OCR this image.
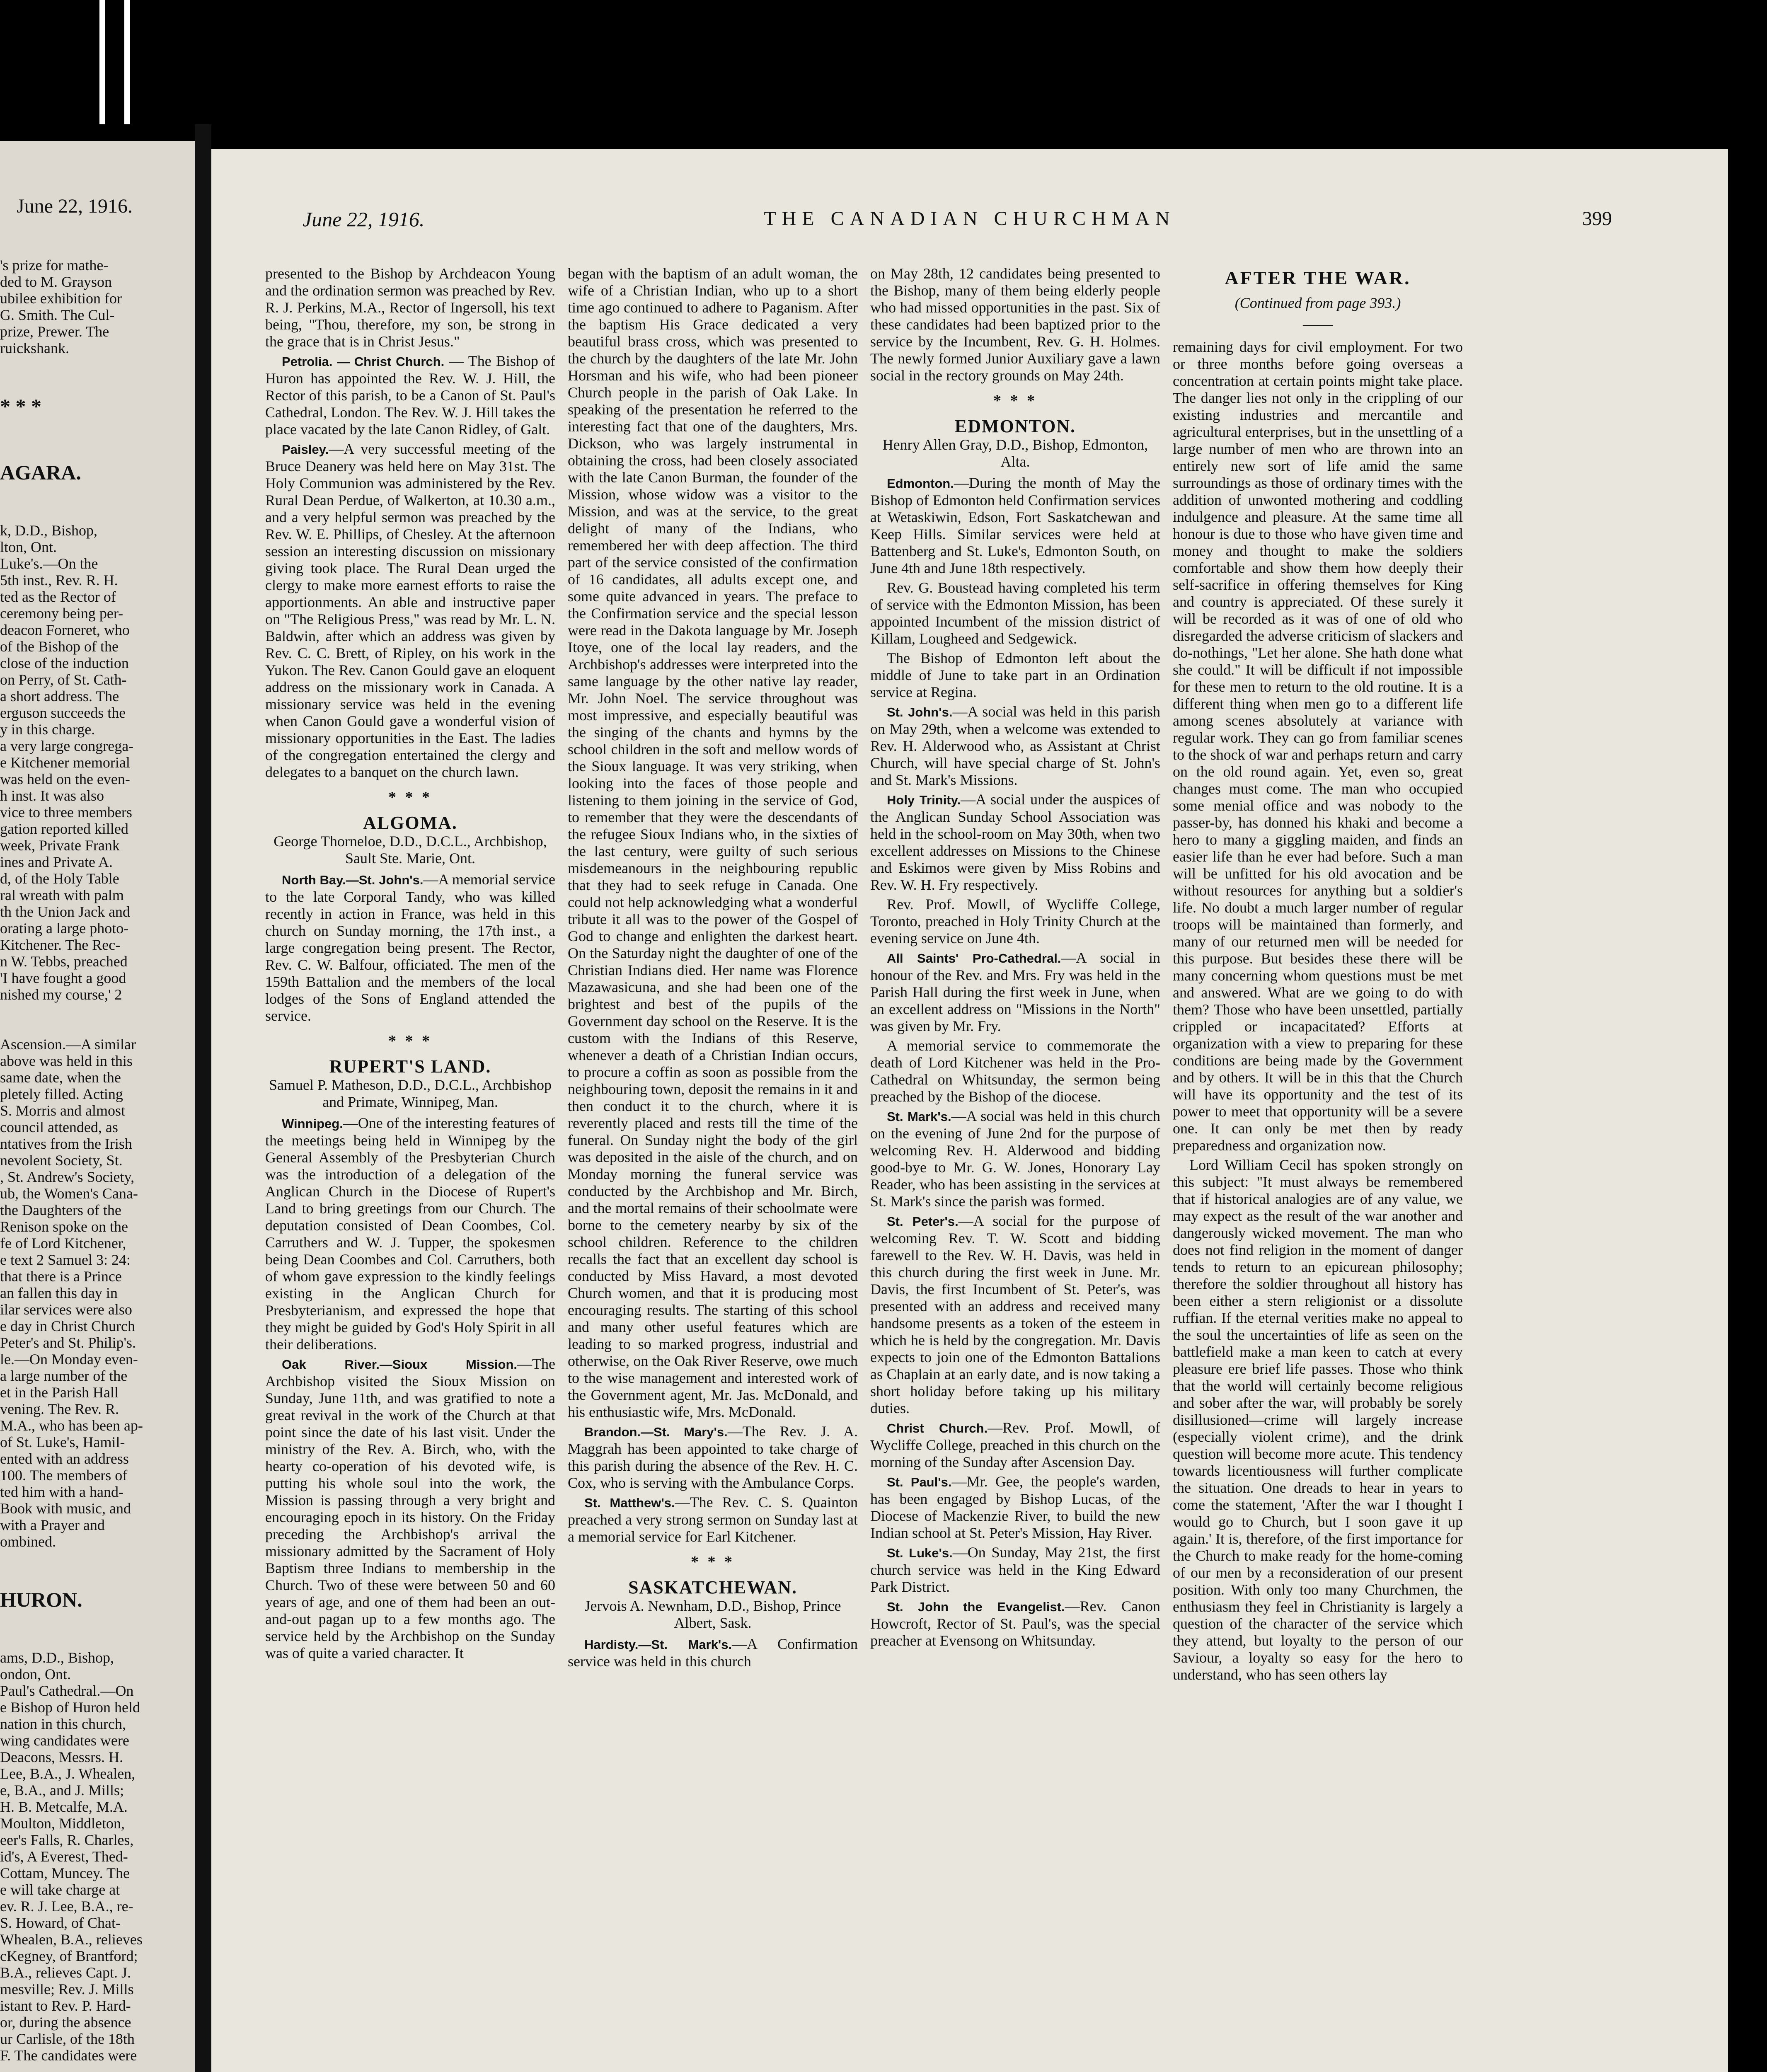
June 22, 1916.

's prize for mathe-
ded to M. Grayson
ubilee exhibition for
G. Smith. The Cul-
prize, Prewer. The
ruickshank.

* * *

AGARA.

k, D.D., Bishop,
lton, Ont.
Luke's.—On the
5th inst., Rev. R. H.
ted as the Rector of
ceremony being per-
deacon Forneret, who
of the Bishop of the
close of the induction
on Perry, of St. Cath-
a short address. The
erguson succeeds the
y in this charge.
a very large congrega-
e Kitchener memorial
was held on the even-
h inst. It was also
vice to three members
gation reported killed
week, Private Frank
ines and Private A.
d, of the Holy Table
ral wreath with palm
th the Union Jack and
orating a large photo-
Kitchener. The Rec-
n W. Tebbs, preached
'I have fought a good
nished my course,' 2

Ascension.—A similar
above was held in this
same date, when the
pletely filled. Acting
S. Morris and almost
council attended, as
ntatives from the Irish
nevolent Society, St.
, St. Andrew's Society,
ub, the Women's Cana-
the Daughters of the
Renison spoke on the
fe of Lord Kitchener,
e text 2 Samuel 3: 24:
that there is a Prince
an fallen this day in
ilar services were also
e day in Christ Church
Peter's and St. Philip's.
le.—On Monday even-
a large number of the
et in the Parish Hall
vening. The Rev. R.
M.A., who has been ap-
of St. Luke's, Hamil-
ented with an address
100. The members of
ted him with a hand-
Book with music, and
with a Prayer and
ombined.

HURON.

ams, D.D., Bishop,
ondon, Ont.
Paul's Cathedral.—On
e Bishop of Huron held
nation in this church,
wing candidates were
Deacons, Messrs. H.
Lee, B.A., J. Whealen,
e, B.A., and J. Mills;
H. B. Metcalfe, M.A.
Moulton, Middleton,
eer's Falls, R. Charles,
id's, A Everest, Thed-
Cottam, Muncey. The
e will take charge at
ev. R. J. Lee, B.A., re-
S. Howard, of Chat-
Whealen, B.A., relieves
cKegney, of Brantford;
B.A., relieves Capt. J.
mesville; Rev. J. Mills
istant to Rev. P. Hard-
or, during the absence
ur Carlisle, of the 18th
F. The candidates were

June 22, 1916.	THE CANADIAN CHURCHMAN	399

presented to the Bishop by Archdeacon Young and the ordination sermon was preached by Rev. R. J. Perkins, M.A., Rector of Ingersoll, his text being, "Thou, therefore, my son, be strong in the grace that is in Christ Jesus."

Petrolia. — Christ Church. — The Bishop of Huron has appointed the Rev. W. J. Hill, the Rector of this parish, to be a Canon of St. Paul's Cathedral, London. The Rev. W. J. Hill takes the place vacated by the late Canon Ridley, of Galt.

Paisley.—A very successful meeting of the Bruce Deanery was held here on May 31st. The Holy Communion was administered by the Rev. Rural Dean Perdue, of Walkerton, at 10.30 a.m., and a very helpful sermon was preached by the Rev. W. E. Phillips, of Chesley. At the afternoon session an interesting discussion on missionary giving took place. The Rural Dean urged the clergy to make more earnest efforts to raise the apportionments. An able and instructive paper on "The Religious Press," was read by Mr. L. N. Baldwin, after which an address was given by Rev. C. C. Brett, of Ripley, on his work in the Yukon. The Rev. Canon Gould gave an eloquent address on the missionary work in Canada. A missionary service was held in the evening when Canon Gould gave a wonderful vision of missionary opportunities in the East. The ladies of the congregation entertained the clergy and delegates to a banquet on the church lawn.

* * *

ALGOMA.

George Thorneloe, D.D., D.C.L., Archbishop, Sault Ste. Marie, Ont.

North Bay.—St. John's.—A memorial service to the late Corporal Tandy, who was killed recently in action in France, was held in this church on Sunday morning, the 17th inst., a large congregation being present. The Rector, Rev. C. W. Balfour, officiated. The men of the 159th Battalion and the members of the local lodges of the Sons of England attended the service.

* * *

RUPERT'S LAND.

Samuel P. Matheson, D.D., D.C.L., Archbishop and Primate, Winnipeg, Man.

Winnipeg.—One of the interesting features of the meetings being held in Winnipeg by the General Assembly of the Presbyterian Church was the introduction of a delegation of the Anglican Church in the Diocese of Rupert's Land to bring greetings from our Church. The deputation consisted of Dean Coombes, Col. Carruthers and W. J. Tupper, the spokesmen being Dean Coombes and Col. Carruthers, both of whom gave expression to the kindly feelings existing in the Anglican Church for Presbyterianism, and expressed the hope that they might be guided by God's Holy Spirit in all their deliberations.

Oak River.—Sioux Mission.—The Archbishop visited the Sioux Mission on Sunday, June 11th, and was gratified to note a great revival in the work of the Church at that point since the date of his last visit. Under the ministry of the Rev. A. Birch, who, with the hearty co-operation of his devoted wife, is putting his whole soul into the work, the Mission is passing through a very bright and encouraging epoch in its history. On the Friday preceding the Archbishop's arrival the missionary admitted by the Sacrament of Holy Baptism three Indians to membership in the Church. Two of these were between 50 and 60 years of age, and one of them had been an out-and-out pagan up to a few months ago. The service held by the Archbishop on the Sunday was of quite a varied character. It

began with the baptism of an adult woman, the wife of a Christian Indian, who up to a short time ago continued to adhere to Paganism. After the baptism His Grace dedicated a very beautiful brass cross, which was presented to the church by the daughters of the late Mr. John Horsman and his wife, who had been pioneer Church people in the parish of Oak Lake. In speaking of the presentation he referred to the interesting fact that one of the daughters, Mrs. Dickson, who was largely instrumental in obtaining the cross, had been closely associated with the late Canon Burman, the founder of the Mission, whose widow was a visitor to the Mission, and was at the service, to the great delight of many of the Indians, who remembered her with deep affection. The third part of the service consisted of the confirmation of 16 candidates, all adults except one, and some quite advanced in years. The preface to the Confirmation service and the special lesson were read in the Dakota language by Mr. Joseph Itoye, one of the local lay readers, and the Archbishop's addresses were interpreted into the same language by the other native lay reader, Mr. John Noel. The service throughout was most impressive, and especially beautiful was the singing of the chants and hymns by the school children in the soft and mellow words of the Sioux language. It was very striking, when looking into the faces of those people and listening to them joining in the service of God, to remember that they were the descendants of the refugee Sioux Indians who, in the sixties of the last century, were guilty of such serious misdemeanours in the neighbouring republic that they had to seek refuge in Canada. One could not help acknowledging what a wonderful tribute it all was to the power of the Gospel of God to change and enlighten the darkest heart. On the Saturday night the daughter of one of the Christian Indians died. Her name was Florence Mazawasicuna, and she had been one of the brightest and best of the pupils of the Government day school on the Reserve. It is the custom with the Indians of this Reserve, whenever a death of a Christian Indian occurs, to procure a coffin as soon as possible from the neighbouring town, deposit the remains in it and then conduct it to the church, where it is reverently placed and rests till the time of the funeral. On Sunday night the body of the girl was deposited in the aisle of the church, and on Monday morning the funeral service was conducted by the Archbishop and Mr. Birch, and the mortal remains of their schoolmate were borne to the cemetery nearby by six of the school children. Reference to the children recalls the fact that an excellent day school is conducted by Miss Havard, a most devoted Church women, and that it is producing most encouraging results. The starting of this school and many other useful features which are leading to so marked progress, industrial and otherwise, on the Oak River Reserve, owe much to the wise management and interested work of the Government agent, Mr. Jas. McDonald, and his enthusiastic wife, Mrs. McDonald.

Brandon.—St. Mary's.—The Rev. J. A. Maggrah has been appointed to take charge of this parish during the absence of the Rev. H. C. Cox, who is serving with the Ambulance Corps.

St. Matthew's.—The Rev. C. S. Quainton preached a very strong sermon on Sunday last at a memorial service for Earl Kitchener.

* * *

SASKATCHEWAN.

Jervois A. Newnham, D.D., Bishop, Prince Albert, Sask.

Hardisty.—St. Mark's.—A Confirmation service was held in this church

on May 28th, 12 candidates being presented to the Bishop, many of them being elderly people who had missed opportunities in the past. Six of these candidates had been baptized prior to the service by the Incumbent, Rev. G. H. Holmes. The newly formed Junior Auxiliary gave a lawn social in the rectory grounds on May 24th.

* * *

EDMONTON.

Henry Allen Gray, D.D., Bishop, Edmonton, Alta.

Edmonton.—During the month of May the Bishop of Edmonton held Confirmation services at Wetaskiwin, Edson, Fort Saskatchewan and Keep Hills. Similar services were held at Battenberg and St. Luke's, Edmonton South, on June 4th and June 18th respectively.

Rev. G. Boustead having completed his term of service with the Edmonton Mission, has been appointed Incumbent of the mission district of Killam, Lougheed and Sedgewick.

The Bishop of Edmonton left about the middle of June to take part in an Ordination service at Regina.

St. John's.—A social was held in this parish on May 29th, when a welcome was extended to Rev. H. Alderwood who, as Assistant at Christ Church, will have special charge of St. John's and St. Mark's Missions.

Holy Trinity.—A social under the auspices of the Anglican Sunday School Association was held in the school-room on May 30th, when two excellent addresses on Missions to the Chinese and Eskimos were given by Miss Robins and Rev. W. H. Fry respectively.

Rev. Prof. Mowll, of Wycliffe College, Toronto, preached in Holy Trinity Church at the evening service on June 4th.

All Saints' Pro-Cathedral.—A social in honour of the Rev. and Mrs. Fry was held in the Parish Hall during the first week in June, when an excellent address on "Missions in the North" was given by Mr. Fry.

A memorial service to commemorate the death of Lord Kitchener was held in the Pro-Cathedral on Whitsunday, the sermon being preached by the Bishop of the diocese.

St. Mark's.—A social was held in this church on the evening of June 2nd for the purpose of welcoming Rev. H. Alderwood and bidding good-bye to Mr. G. W. Jones, Honorary Lay Reader, who has been assisting in the services at St. Mark's since the parish was formed.

St. Peter's.—A social for the purpose of welcoming Rev. T. W. Scott and bidding farewell to the Rev. W. H. Davis, was held in this church during the first week in June. Mr. Davis, the first Incumbent of St. Peter's, was presented with an address and received many handsome presents as a token of the esteem in which he is held by the congregation. Mr. Davis expects to join one of the Edmonton Battalions as Chaplain at an early date, and is now taking a short holiday before taking up his military duties.

Christ Church.—Rev. Prof. Mowll, of Wycliffe College, preached in this church on the morning of the Sunday after Ascension Day.

St. Paul's.—Mr. Gee, the people's warden, has been engaged by Bishop Lucas, of the Diocese of Mackenzie River, to build the new Indian school at St. Peter's Mission, Hay River.

St. Luke's.—On Sunday, May 21st, the first church service was held in the King Edward Park District.

St. John the Evangelist.—Rev. Canon Howcroft, Rector of St. Paul's, was the special preacher at Evensong on Whitsunday.

AFTER THE WAR.

(Continued from page 393.)

——

remaining days for civil employment. For two or three months before going overseas a concentration at certain points might take place. The danger lies not only in the crippling of our existing industries and mercantile and agricultural enterprises, but in the unsettling of a large number of men who are thrown into an entirely new sort of life amid the same surroundings as those of ordinary times with the addition of unwonted mothering and coddling indulgence and pleasure. At the same time all honour is due to those who have given time and money and thought to make the soldiers comfortable and show them how deeply their self-sacrifice in offering themselves for King and country is appreciated. Of these surely it will be recorded as it was of one of old who disregarded the adverse criticism of slackers and do-nothings, "Let her alone. She hath done what she could." It will be difficult if not impossible for these men to return to the old routine. It is a different thing when men go to a different life among scenes absolutely at variance with regular work. They can go from familiar scenes to the shock of war and perhaps return and carry on the old round again. Yet, even so, great changes must come. The man who occupied some menial office and was nobody to the passer-by, has donned his khaki and become a hero to many a giggling maiden, and finds an easier life than he ever had before. Such a man will be unfitted for his old avocation and be without resources for anything but a soldier's life. No doubt a much larger number of regular troops will be maintained than formerly, and many of our returned men will be needed for this purpose. But besides these there will be many concerning whom questions must be met and answered. What are we going to do with them? Those who have been unsettled, partially crippled or incapacitated? Efforts at organization with a view to preparing for these conditions are being made by the Government and by others. It will be in this that the Church will have its opportunity and the test of its power to meet that opportunity will be a severe one. It can only be met then by ready preparedness and organization now.

Lord William Cecil has spoken strongly on this subject: "It must always be remembered that if historical analogies are of any value, we may expect as the result of the war another and dangerously wicked movement. The man who does not find religion in the moment of danger tends to return to an epicurean philosophy; therefore the soldier throughout all history has been either a stern religionist or a dissolute ruffian. If the eternal verities make no appeal to the soul the uncertainties of life as seen on the battlefield make a man keen to catch at every pleasure ere brief life passes. Those who think that the world will certainly become religious and sober after the war, will probably be sorely disillusioned—crime will largely increase (especially violent crime), and the drink question will become more acute. This tendency towards licentiousness will further complicate the situation. One dreads to hear in years to come the statement, 'After the war I thought I would go to Church, but I soon gave it up again.' It is, therefore, of the first importance for the Church to make ready for the home-coming of our men by a reconsideration of our present position. With only too many Churchmen, the enthusiasm they feel in Christianity is largely a question of the character of the service which they attend, but loyalty to the person of our Saviour, a loyalty so easy for the hero to understand, who has seen others lay
